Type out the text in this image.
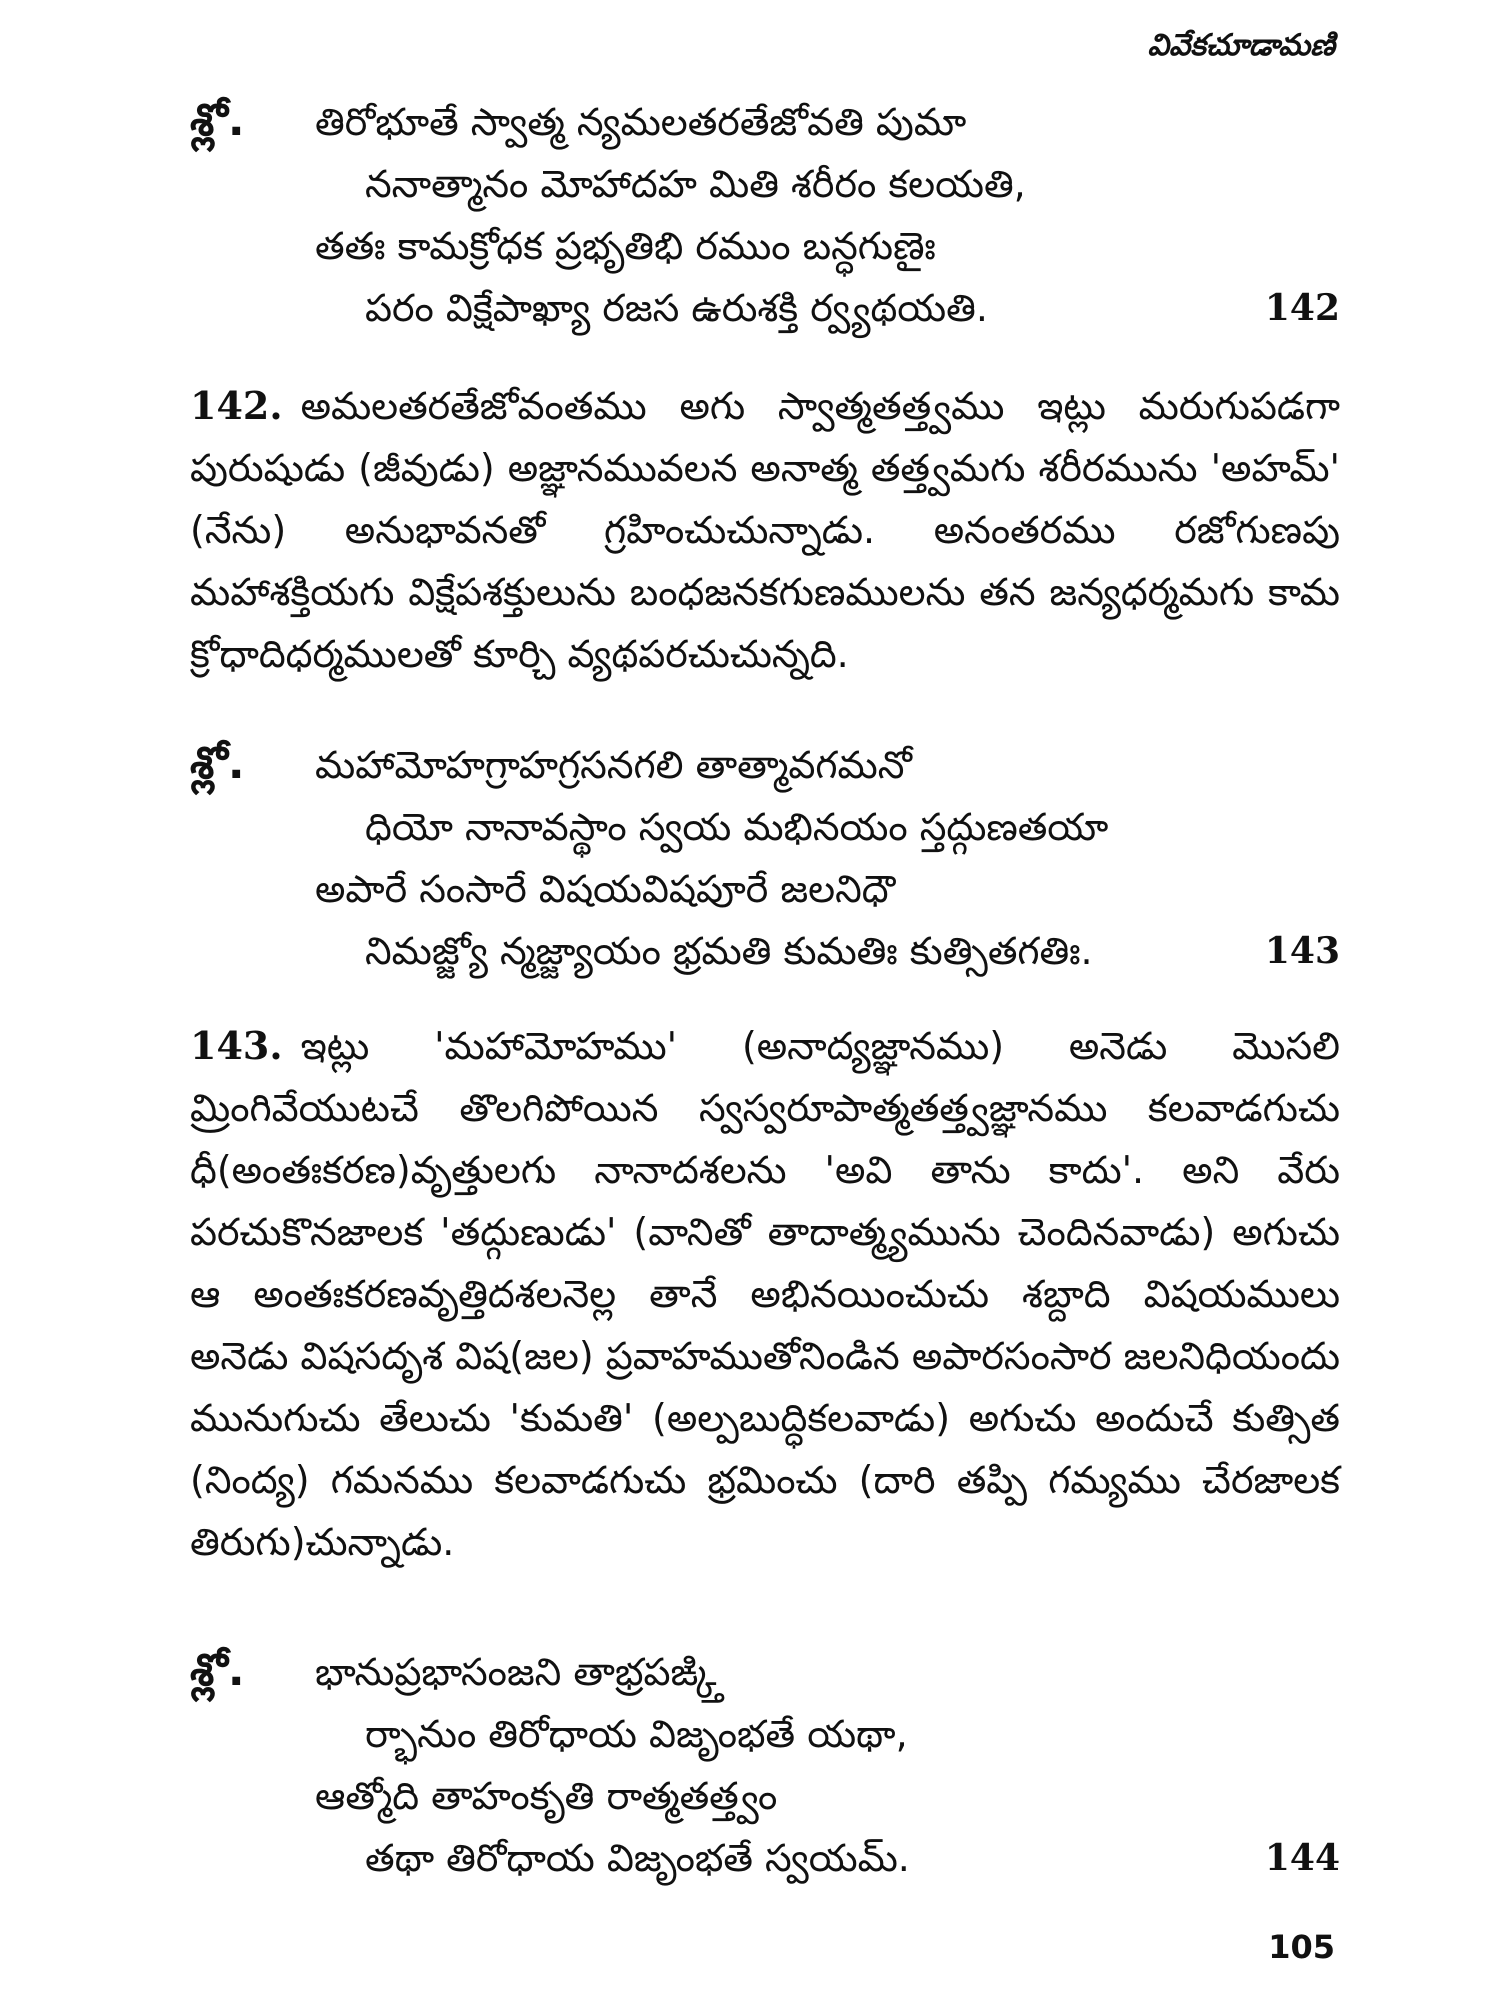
వివేకచూడామణి
శ్లో. తిరోభూతే స్వాత్మ న్యమలతరతేజోవతి పుమా
ననాత్మానం మోహాదహ మితి శరీరం కలయతి,
తతః కామక్రోధక ప్రభృతిభి రముం బన్ధగుణైః
పరం విక్షేపాఖ్యా రజస ఉరుశక్తి ర్వ్యథయతి.	142
142. అమలతరతేజోవంతము అగు స్వాత్మతత్త్వము ఇట్లు మరుగుపడగా పురుషుడు (జీవుడు) అజ్ఞానమువలన అనాత్మ తత్త్వమగు శరీరమును 'అహమ్' (నేను) అనుభావనతో గ్రహించుచున్నాడు. అనంతరము రజోగుణపు మహాశక్తియగు విక్షేపశక్తులును బంధజనకగుణములను తన జన్యధర్మమగు కామ క్రోధాదిధర్మములతో కూర్చి వ్యథపరచుచున్నది.
శ్లో. మహామోహగ్రాహగ్రసనగలి తాత్మావగమనో
ధియో నానావస్థాం స్వయ మభినయం స్తద్గుణతయా
అపారే సంసారే విషయవిషపూరే జలనిధౌ
నిమజ్జ్యో న్మజ్జ్యాయం భ్రమతి కుమతిః కుత్సితగతిః.	143
143. ఇట్లు 'మహామోహము' (అనాద్యజ్ఞానము) అనెడు మొసలి మ్రింగివేయుటచే తొలగిపోయిన స్వస్వరూపాత్మతత్త్వజ్ఞానము కలవాడగుచు ధీ(అంతఃకరణ)వృత్తులగు నానాదశలను 'అవి తాను కాదు'. అని వేరు పరచుకొనజాలక 'తద్గుణుడు' (వానితో తాదాత్మ్యమును చెందినవాడు) అగుచు ఆ అంతఃకరణవృత్తిదశలనెల్ల తానే అభినయించుచు శబ్దాది విషయములు అనెడు విషసదృశ విష(జల) ప్రవాహముతోనిండిన అపారసంసార జలనిధియందు మునుగుచు తేలుచు 'కుమతి' (అల్పబుద్ధికలవాడు) అగుచు అందుచే కుత్సిత (నింద్య) గమనము కలవాడగుచు భ్రమించు (దారి తప్పి గమ్యము చేరజాలక తిరుగు)చున్నాడు.
శ్లో. భానుప్రభాసంజని తాభ్రపఙ్క్తి
ర్భానుం తిరోధాయ విజృంభతే యథా,
ఆత్మోది తాహంకృతి రాత్మతత్త్వం
తథా తిరోధాయ విజృంభతే స్వయమ్.	144
105
